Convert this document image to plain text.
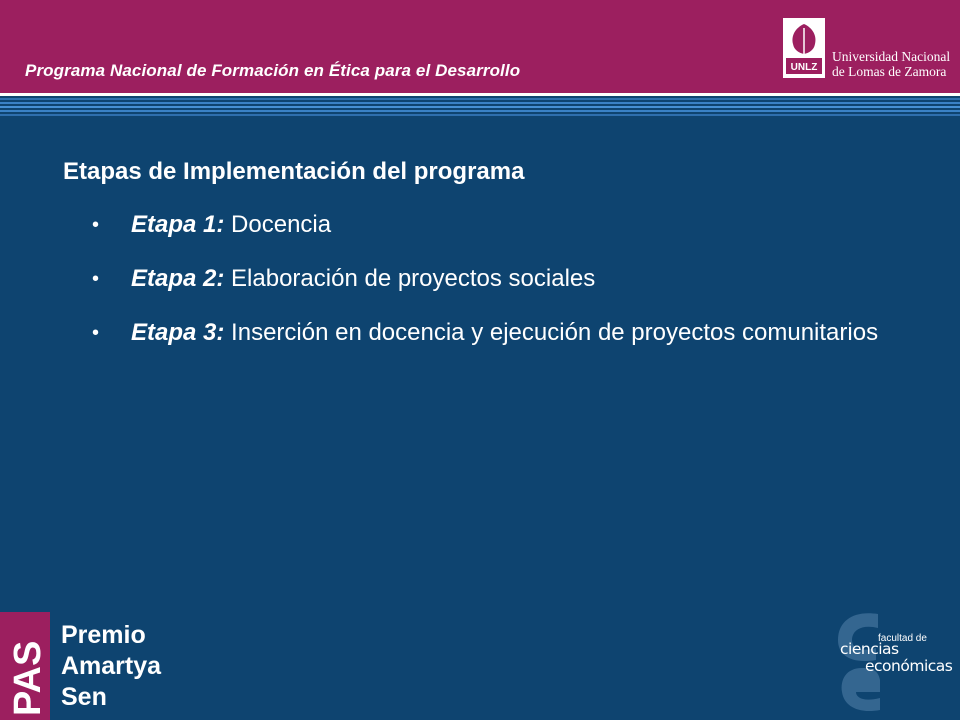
Programa Nacional de Formación en Ética para el Desarrollo	UNLZ
Universidad Nacional
de Lomas de Zamora
Etapas de Implementación del programa
• Etapa 1: Docencia
• Etapa 2: Elaboración de proyectos sociales
• Etapa 3: Inserción en docencia y ejecución de proyectos comunitarios
PAS
Premio
Amartya
Sen
facultad de
ciencias
económicas
